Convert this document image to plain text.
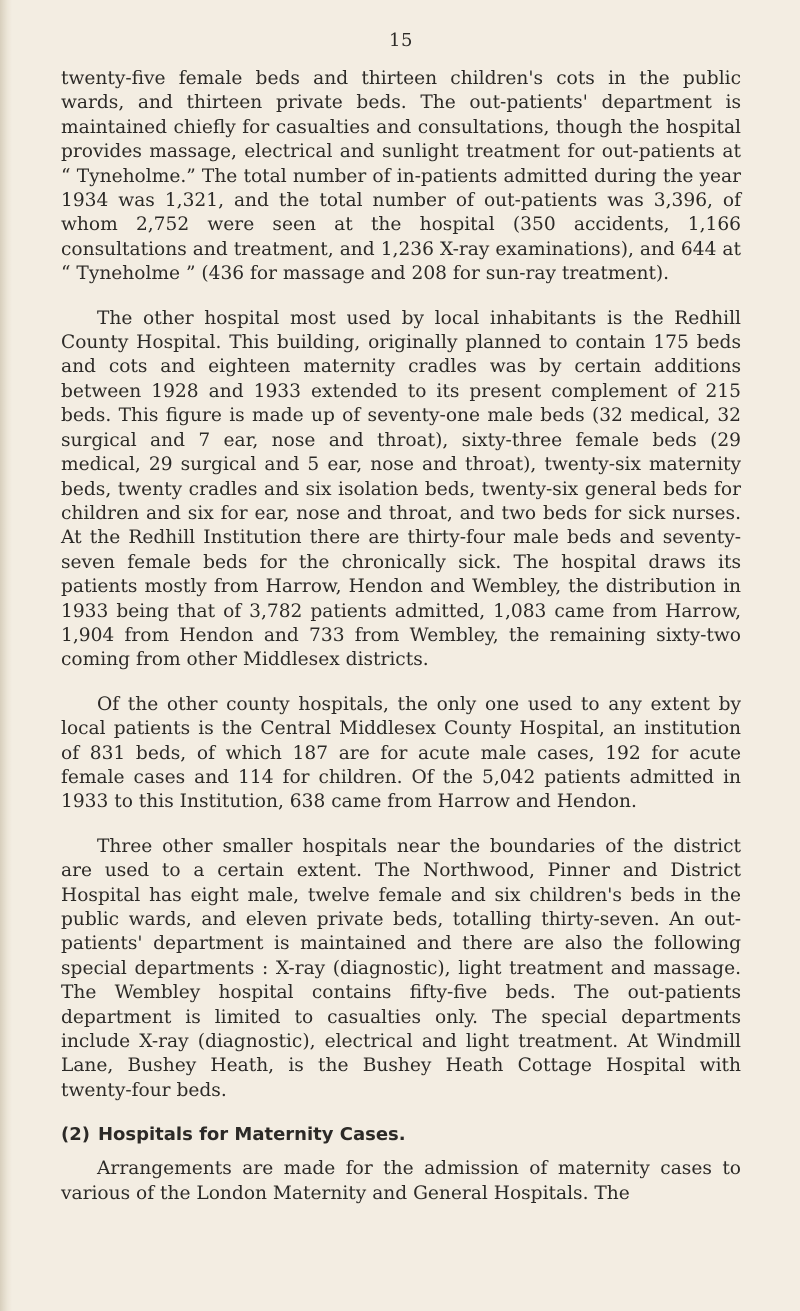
15

twenty-five female beds and thirteen children's cots in the public wards, and thirteen private beds. The out-patients' department is maintained chiefly for casualties and consultations, though the hospital provides massage, electrical and sunlight treatment for out-patients at “ Tyneholme.” The total number of in-patients admitted during the year 1934 was 1,321, and the total number of out-patients was 3,396, of whom 2,752 were seen at the hospital (350 accidents, 1,166 consultations and treatment, and 1,236 X-ray examinations), and 644 at “ Tyneholme ” (436 for massage and 208 for sun-ray treatment).

The other hospital most used by local inhabitants is the Redhill County Hospital. This building, originally planned to contain 175 beds and cots and eighteen maternity cradles was by certain additions between 1928 and 1933 extended to its present complement of 215 beds. This figure is made up of seventy-one male beds (32 medical, 32 surgical and 7 ear, nose and throat), sixty-three female beds (29 medical, 29 surgical and 5 ear, nose and throat), twenty-six maternity beds, twenty cradles and six isolation beds, twenty-six general beds for children and six for ear, nose and throat, and two beds for sick nurses. At the Redhill Institution there are thirty-four male beds and seventy-seven female beds for the chronically sick. The hospital draws its patients mostly from Harrow, Hendon and Wembley, the distribution in 1933 being that of 3,782 patients admitted, 1,083 came from Harrow, 1,904 from Hendon and 733 from Wembley, the remaining sixty-two coming from other Middlesex districts.

Of the other county hospitals, the only one used to any extent by local patients is the Central Middlesex County Hospital, an institution of 831 beds, of which 187 are for acute male cases, 192 for acute female cases and 114 for children. Of the 5,042 patients admitted in 1933 to this Institution, 638 came from Harrow and Hendon.

Three other smaller hospitals near the boundaries of the district are used to a certain extent. The Northwood, Pinner and District Hospital has eight male, twelve female and six children's beds in the public wards, and eleven private beds, totalling thirty-seven. An out-patients' department is maintained and there are also the following special departments : X-ray (diagnostic), light treatment and massage. The Wembley hospital contains fifty-five beds. The out-patients department is limited to casualties only. The special departments include X-ray (diagnostic), electrical and light treatment. At Windmill Lane, Bushey Heath, is the Bushey Heath Cottage Hospital with twenty-four beds.

(2) Hospitals for Maternity Cases.

Arrangements are made for the admission of maternity cases to various of the London Maternity and General Hospitals. The
